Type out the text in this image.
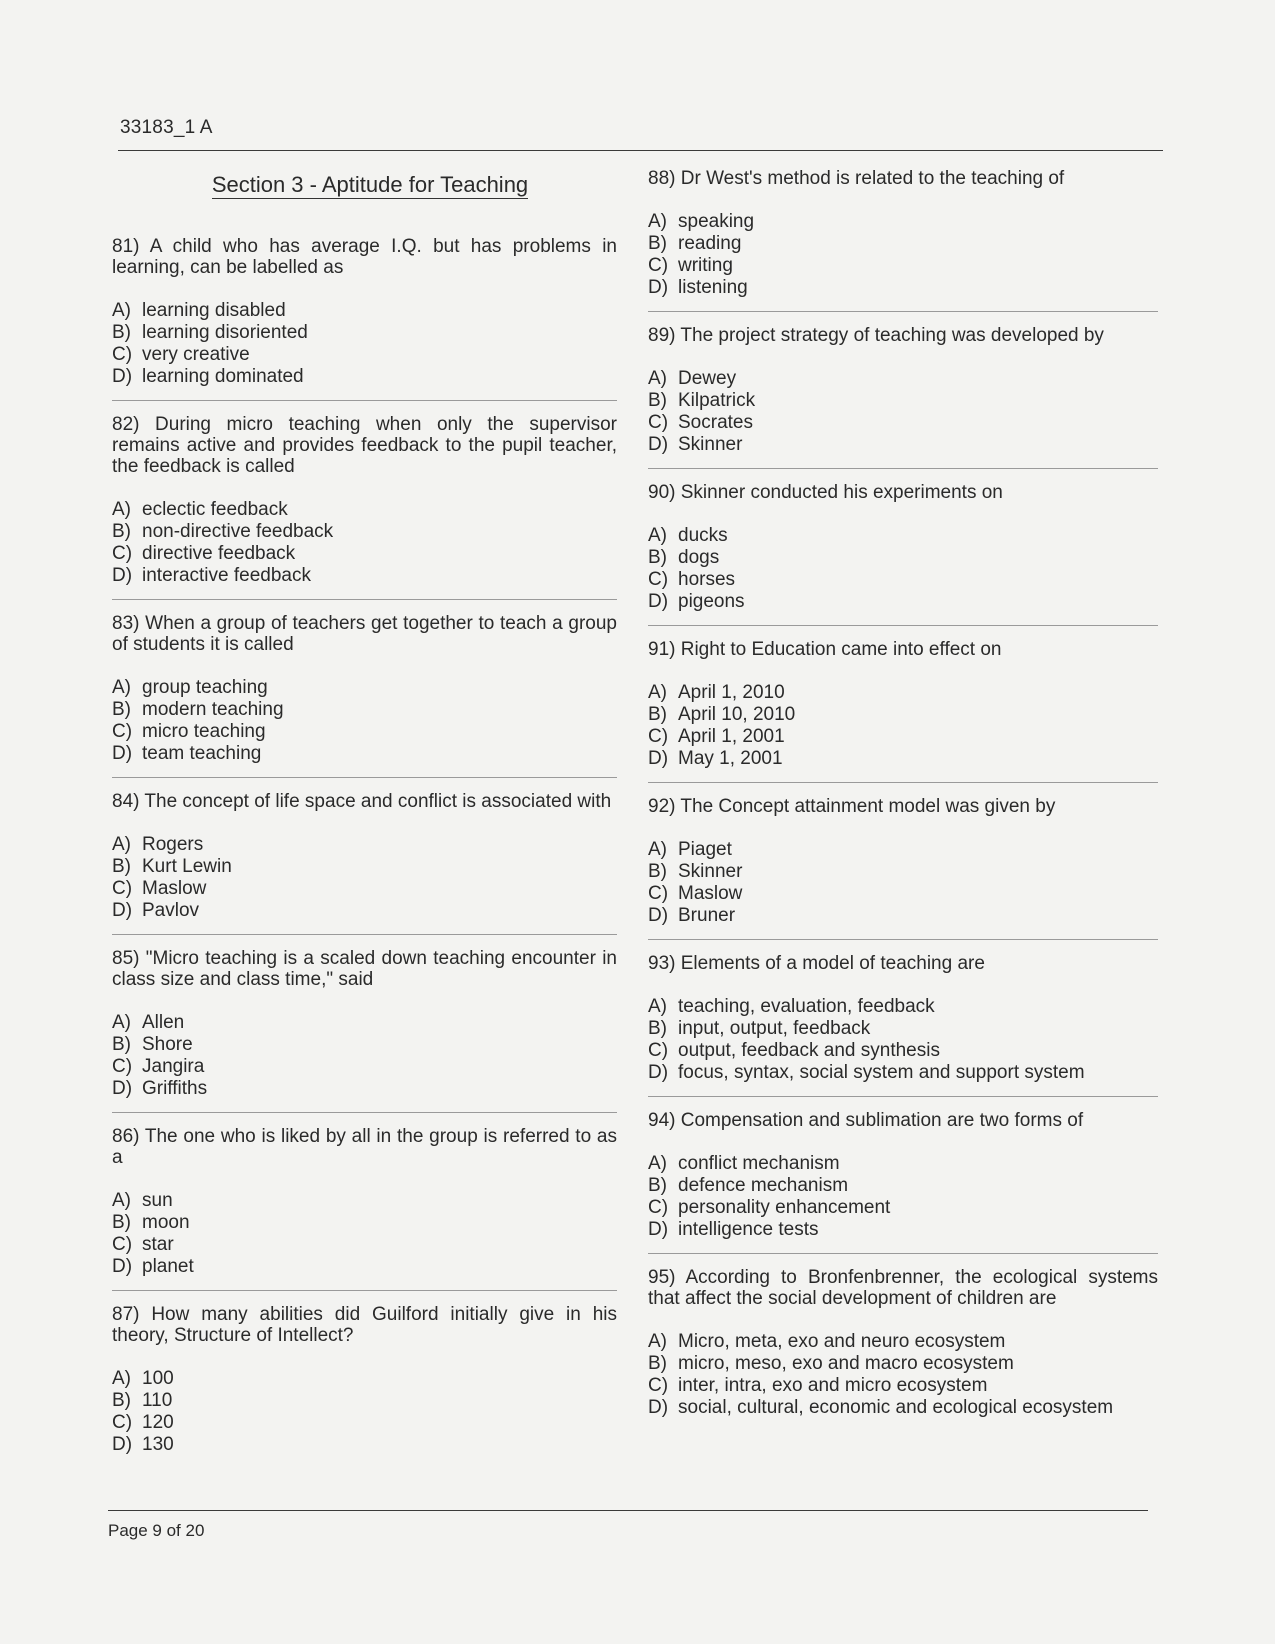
33183_1 A
Section 3 - Aptitude for Teaching

81) A child who has average I.Q. but has problems in learning, can be labelled as

A) learning disabled
B) learning disoriented
C) very creative
D) learning dominated

82) During micro teaching when only the supervisor remains active and provides feedback to the pupil teacher, the feedback is called

A) eclectic feedback
B) non-directive feedback
C) directive feedback
D) interactive feedback

83) When a group of teachers get together to teach a group of students it is called

A) group teaching
B) modern teaching
C) micro teaching
D) team teaching

84) The concept of life space and conflict is associated with

A) Rogers
B) Kurt Lewin
C) Maslow
D) Pavlov

85) "Micro teaching is a scaled down teaching encounter in class size and class time," said

A) Allen
B) Shore
C) Jangira
D) Griffiths

86) The one who is liked by all in the group is referred to as a

A) sun
B) moon
C) star
D) planet

87) How many abilities did Guilford initially give in his theory, Structure of Intellect?

A) 100
B) 110
C) 120
D) 130

88) Dr West's method is related to the teaching of

A) speaking
B) reading
C) writing
D) listening

89) The project strategy of teaching was developed by

A) Dewey
B) Kilpatrick
C) Socrates
D) Skinner

90) Skinner conducted his experiments on

A) ducks
B) dogs
C) horses
D) pigeons

91) Right to Education came into effect on

A) April 1, 2010
B) April 10, 2010
C) April 1, 2001
D) May 1, 2001

92) The Concept attainment model was given by

A) Piaget
B) Skinner
C) Maslow
D) Bruner

93) Elements of a model of teaching are

A) teaching, evaluation, feedback
B) input, output, feedback
C) output, feedback and synthesis
D) focus, syntax, social system and support system

94) Compensation and sublimation are two forms of

A) conflict mechanism
B) defence mechanism
C) personality enhancement
D) intelligence tests

95) According to Bronfenbrenner, the ecological systems that affect the social development of children are

A) Micro, meta, exo and neuro ecosystem
B) micro, meso, exo and macro ecosystem
C) inter, intra, exo and micro ecosystem
D) social, cultural, economic and ecological ecosystem
Page 9 of 20
